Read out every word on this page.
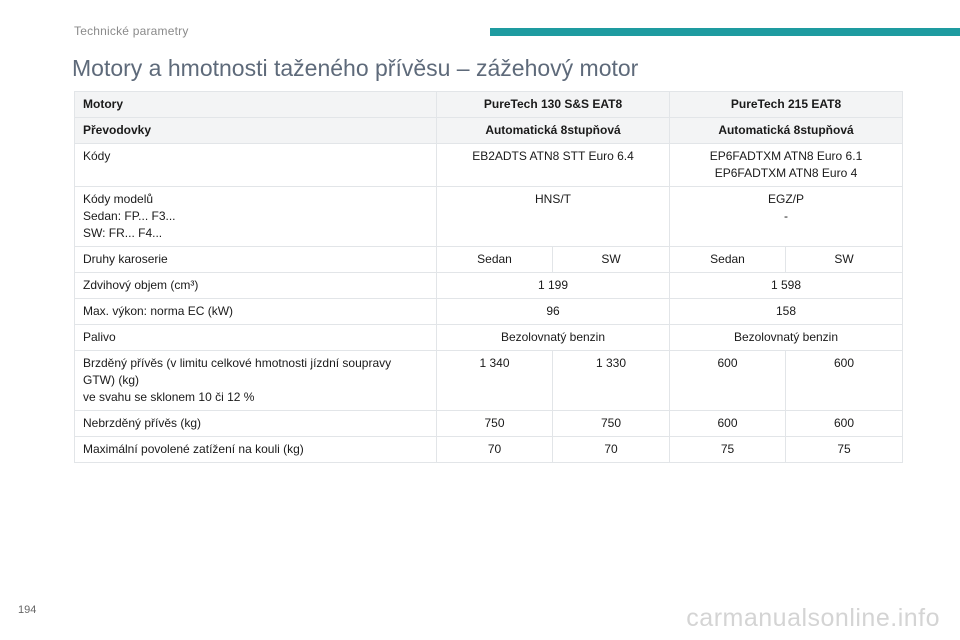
Technické parametry
Motory a hmotnosti taženého přívěsu – zážehový motor
Motory	PureTech 130 S&S EAT8		PureTech 215 EAT8	
Převodovky	Automatická 8stupňová		Automatická 8stupňová	
Kódy	EB2ADTS ATN8 STT Euro 6.4		EP6FADTXM ATN8 Euro 6.1
EP6FADTXM ATN8 Euro 4	

Kódy modelů
Sedan: FP... F3...
SW: FR... F4...	HNS/T		EGZ/P
-	

Druhy karoserie	Sedan	SW	Sedan	SW
Zdvihový objem (cm³)	1 199		1 598	
Max. výkon: norma EC (kW)	96		158	
Palivo	Bezolovnatý benzin		Bezolovnatý benzin	

Brzděný přívěs (v limitu celkové hmotnosti jízdní soupravy
GTW) (kg)
ve svahu se sklonem 10 či 12 %	1 340	1 330	600	600
Nebrzděný přívěs (kg)	750	750	600	600
Maximální povolené zatížení na kouli (kg)	70	70	75	75
194	carmanualsonline.info
